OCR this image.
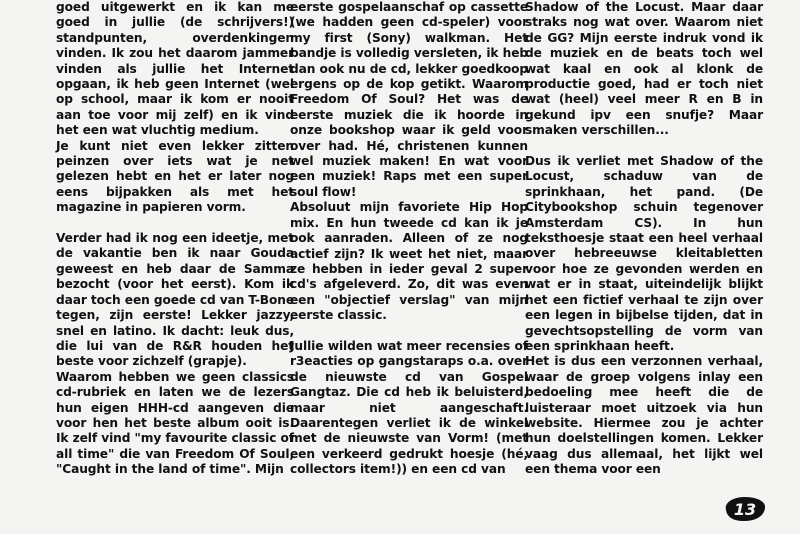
goed uitgewerkt en ik kan me goed in jullie (de schrijvers!) standpunten, overdenkingen vinden. Ik zou het daarom jammer vinden als jullie het Internet opgaan, ik heb geen Internet (wel op school, maar ik kom er nooit aan toe voor mij zelf) en ik vind het een wat vluchtig medium.

Je kunt niet even lekker zitten peinzen over iets wat je net gelezen hebt en het er later nog eens bijpakken als met het magazine in papieren vorm.

Verder had ik nog een ideetje, met de vakantie ben ik naar Gouda geweest en heb daar de Samma bezocht (voor het eerst). Kom ik daar toch een goede cd van T-Bone tegen, zijn eerste! Lekker jazzy, snel en latino. Ik dacht: leuk dus, die lui van de R&R houden het beste voor zichzelf (grapje).

Waarom hebben we geen classics cd-rubriek en laten we de lezers hun eigen HHH-cd aangeven die voor hen het beste album ooit is. Ik zelf vind "my favourite classic of all time" die van Freedom Of Soul, "Caught in the land of time". Mijn

eerste gospelaanschaf op cassette (we hadden geen cd-speler) voor my first (Sony) walkman. Het bandje is volledig versleten, ik heb dan ook nu de cd, lekker goedkoop ergens op de kop getikt. Waarom Freedom Of Soul? Het was de eerste muziek die ik hoorde in onze bookshop waar ik geld voor over had. Hé, christenen kunnen wel muziek maken! En wat voor een muziek! Raps met een super soul flow!

Absoluut mijn favoriete Hip Hop mix. En hun tweede cd kan ik je ook aanraden. Alleen of ze nog actief zijn? Ik weet het niet, maar ze hebben in ieder geval 2 super cd's afgeleverd. Zo, dit was even een "objectief verslag" van mijn eerste classic.

Jullie wilden wat meer recensies of r3eacties op gangstaraps o.a. over de nieuwste cd van Gospel Gangtaz. Die cd heb ik beluisterd, maar niet aangeschaft. Daarentegen verliet ik de winkel met de nieuwste van Vorm! (met een verkeerd gedrukt hoesje (hé, collectors item!)) en een cd van

Shadow of the Locust. Maar daar straks nog wat over. Waarom niet de GG? Mijn eerste indruk vond ik de muziek en de beats toch wel wat kaal en ook al klonk de productie goed, had er toch niet wat (heel) veel meer R en B in gekund ipv een snufje? Maar smaken verschillen...

Dus ik verliet met Shadow of the Locust, schaduw van de sprinkhaan, het pand. (De Citybookshop schuin tegenover Amsterdam CS). In hun teksthoesje staat een heel verhaal over hebreeuwse kleitabletten voor hoe ze gevonden werden en wat er in staat, uiteindelijk blijkt het een fictief verhaal te zijn over een legen in bijbelse tijden, dat in gevechtsopstelling de vorm van een sprinkhaan heeft.

Het is dus een verzonnen verhaal, waar de groep volgens inlay een bedoeling mee heeft die de luisteraar moet uitzoek via hun website. Hiermee zou je achter hun doelstellingen komen. Lekker vaag dus allemaal, het lijkt wel een thema voor een

13
